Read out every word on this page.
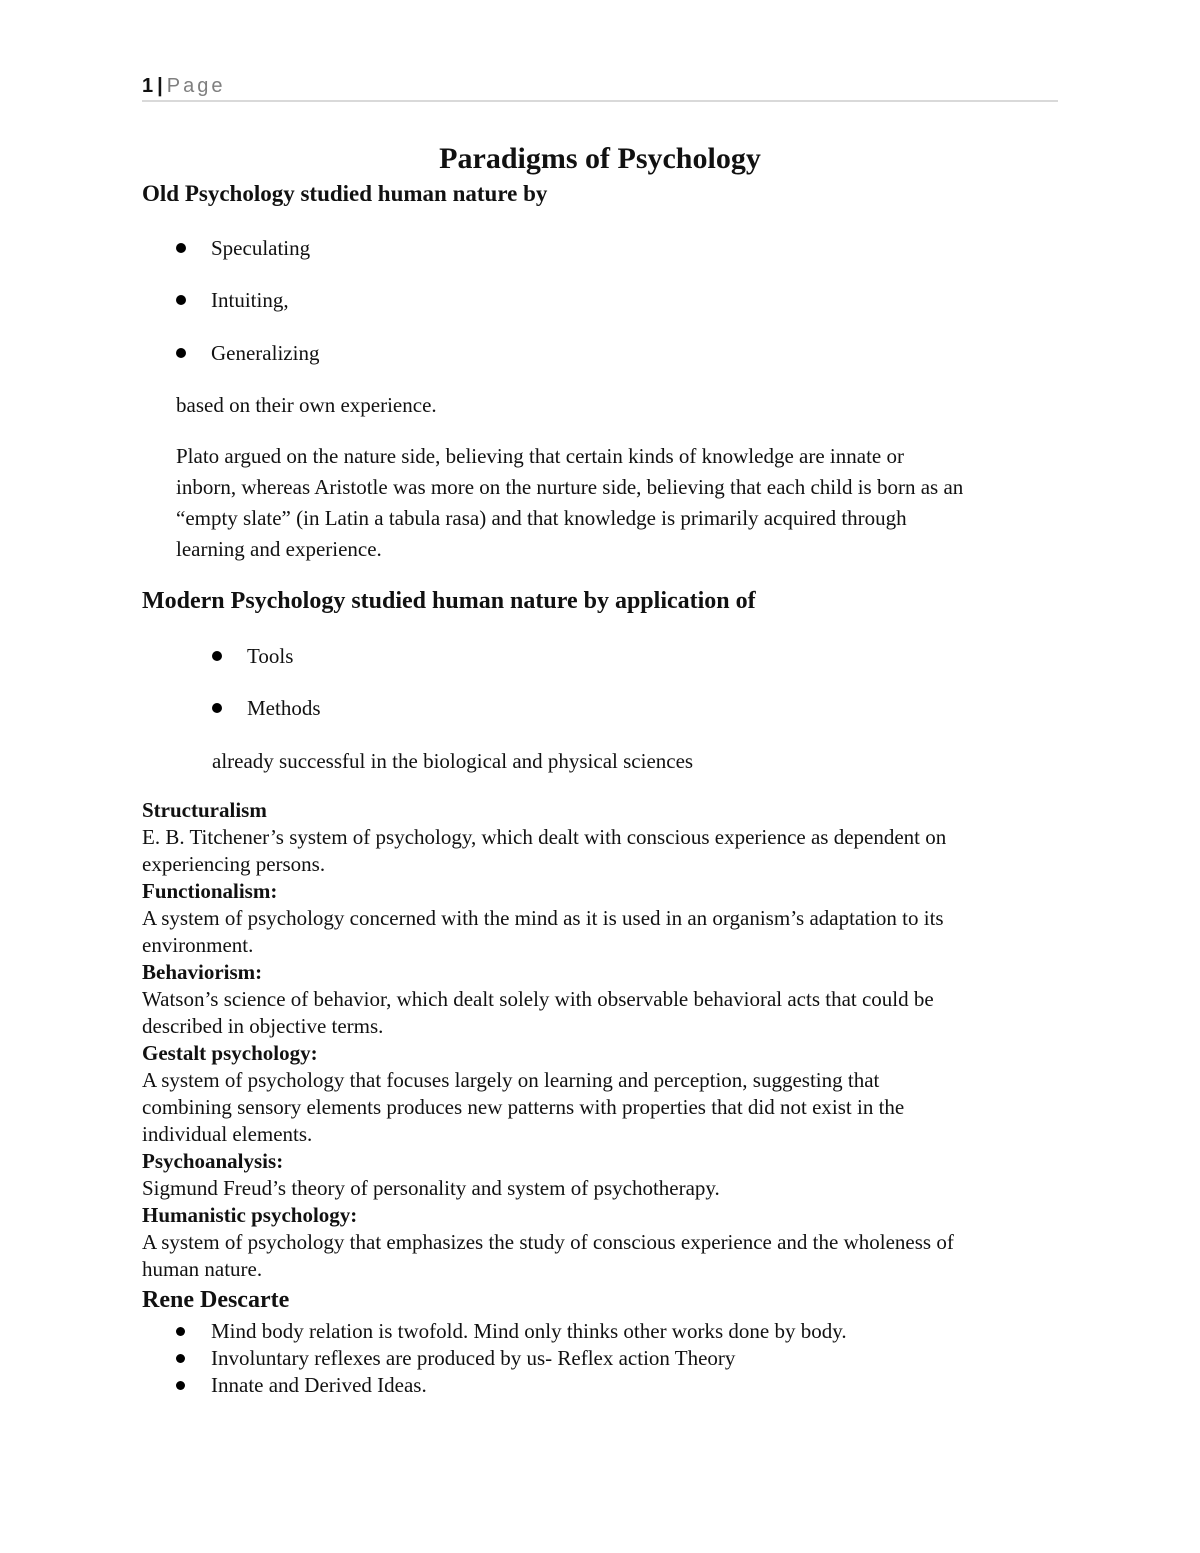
1 | Page
Paradigms of Psychology
Old Psychology studied human nature by
Speculating
Intuiting,
Generalizing

based on their own experience.

Plato argued on the nature side, believing that certain kinds of knowledge are innate or
inborn, whereas Aristotle was more on the nurture side, believing that each child is born as an
“empty slate” (in Latin a tabula rasa) and that knowledge is primarily acquired through
learning and experience.
Modern Psychology studied human nature by application of
Tools
Methods

already successful in the biological and physical sciences

Structuralism
E. B. Titchener’s system of psychology, which dealt with conscious experience as dependent on
experiencing persons.
Functionalism:
A system of psychology concerned with the mind as it is used in an organism’s adaptation to its
environment.
Behaviorism:
Watson’s science of behavior, which dealt solely with observable behavioral acts that could be
described in objective terms.
Gestalt psychology:
A system of psychology that focuses largely on learning and perception, suggesting that
combining sensory elements produces new patterns with properties that did not exist in the
individual elements.
Psychoanalysis:
Sigmund Freud’s theory of personality and system of psychotherapy.
Humanistic psychology:
A system of psychology that emphasizes the study of conscious experience and the wholeness of
human nature.
Rene Descarte
Mind body relation is twofold. Mind only thinks other works done by body.
Involuntary reflexes are produced by us- Reflex action Theory
Innate and Derived Ideas.
